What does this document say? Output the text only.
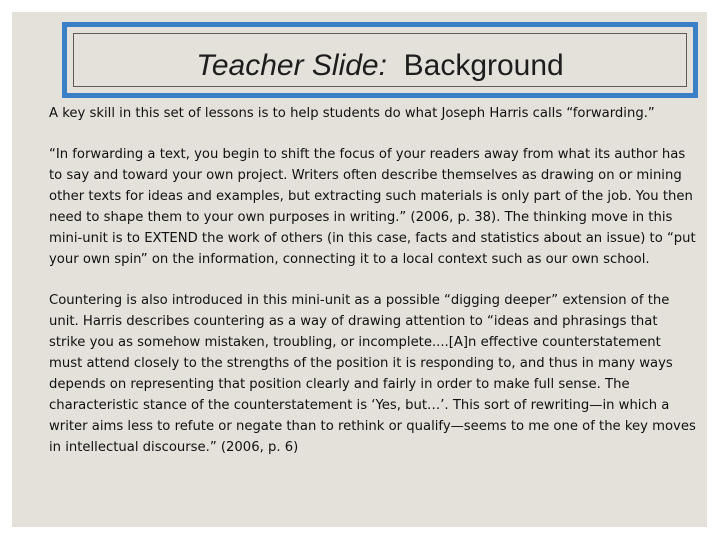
Teacher Slide: Background

A key skill in this set of lessons is to help students do what Joseph Harris calls “forwarding.”

“In forwarding a text, you begin to shift the focus of your readers away from what its author has to say and toward your own project. Writers often describe themselves as drawing on or mining other texts for ideas and examples, but extracting such materials is only part of the job. You then need to shape them to your own purposes in writing.” (2006, p. 38). The thinking move in this mini-unit is to EXTEND the work of others (in this case, facts and statistics about an issue) to “put your own spin” on the information, connecting it to a local context such as our own school.

Countering is also introduced in this mini-unit as a possible “digging deeper” extension of the unit. Harris describes countering as a way of drawing attention to “ideas and phrasings that strike you as somehow mistaken, troubling, or incomplete....[A]n effective counterstatement must attend closely to the strengths of the position it is responding to, and thus in many ways depends on representing that position clearly and fairly in order to make full sense. The characteristic stance of the counterstatement is ‘Yes, but…’. This sort of rewriting—in which a writer aims less to refute or negate than to rethink or qualify—seems to me one of the key moves in intellectual discourse.” (2006, p. 6)
